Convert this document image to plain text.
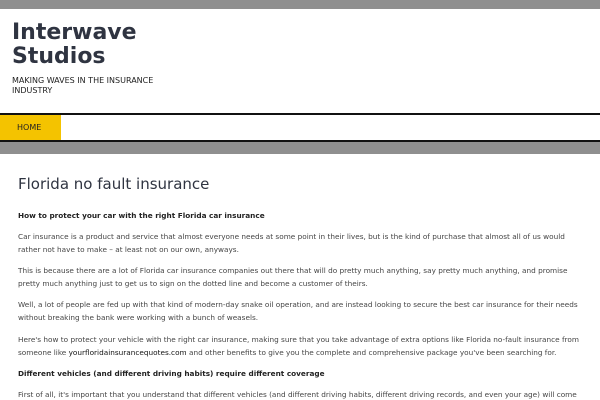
Interwave
Studios
MAKING WAVES IN THE INSURANCE
INDUSTRY
HOME
Florida no fault insurance
How to protect your car with the right Florida car insurance
Car insurance is a product and service that almost everyone needs at some point in their lives, but is the kind of purchase that almost all of us would
rather not have to make – at least not on our own, anyways.
This is because there are a lot of Florida car insurance companies out there that will do pretty much anything, say pretty much anything, and promise
pretty much anything just to get us to sign on the dotted line and become a customer of theirs.
Well, a lot of people are fed up with that kind of modern-day snake oil operation, and are instead looking to secure the best car insurance for their needs
without breaking the bank were working with a bunch of weasels.
Here's how to protect your vehicle with the right car insurance, making sure that you take advantage of extra options like Florida no-fault insurance from
someone like yourfloridainsurancequotes.com and other benefits to give you the complete and comprehensive package you've been searching for.
Different vehicles (and different driving habits) require different coverage
First of all, it's important that you understand that different vehicles (and different driving habits, different driving records, and even your age) will come
